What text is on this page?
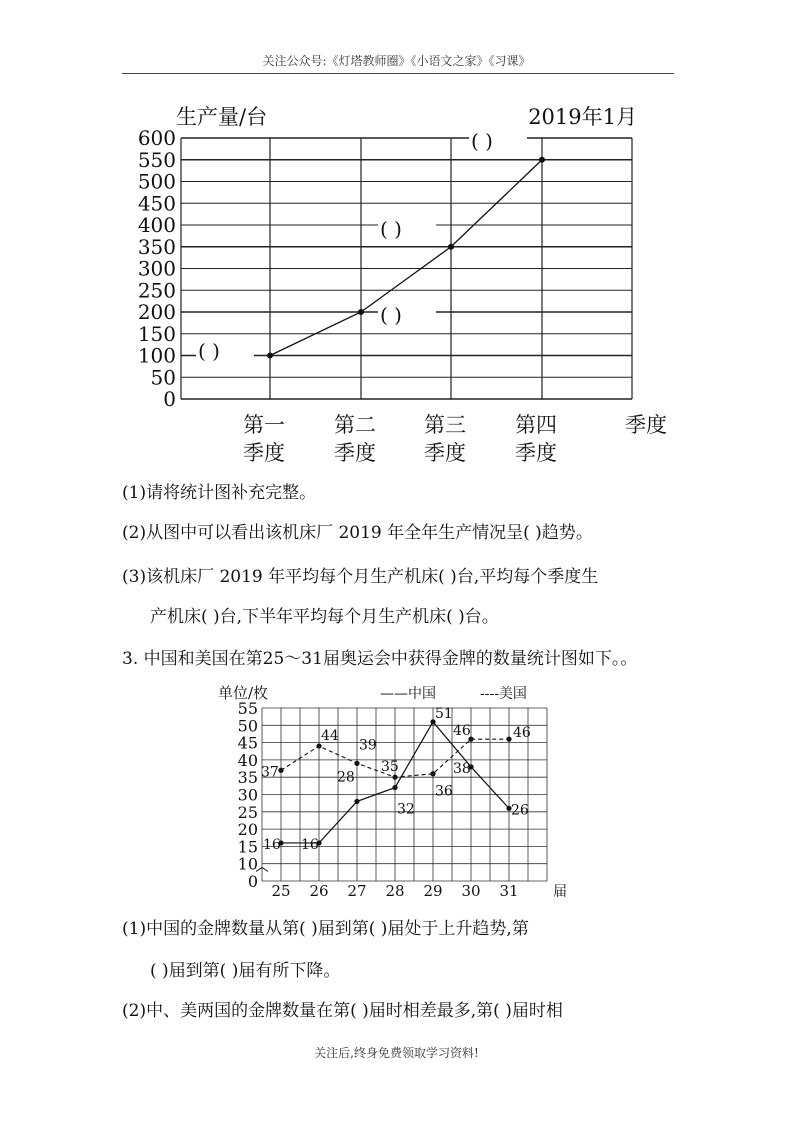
关注公众号:《灯塔教师圈》《小语文之家》《习课》
生产量/台	2019年1月
600
550
500
450
400
350
300
250
200
150
100
50
0
( )
( )
( )
( )
第一
季度
第二
季度
第三
季度
第四
季度
季度
(1)请将统计图补充完整。
(2)从图中可以看出该机床厂 2019 年全年生产情况呈( )趋势。
(3)该机床厂 2019 年平均每个月生产机床( )台,平均每个季度生
产机床( )台,下半年平均每个月生产机床( )台。
3. 中国和美国在第25～31届奥运会中获得金牌的数量统计图如下。。
单位/枚	——中国	----美国
55
50
45
40
35
30
25
20
15
10
0 25 26 27 28 29 30 31 届
16
37
16
44
28
39
32
35
51
36
38
46
26
46
(1)中国的金牌数量从第( )届到第( )届处于上升趋势,第
( )届到第( )届有所下降。
(2)中、美两国的金牌数量在第( )届时相差最多,第( )届时相
关注后,终身免费领取学习资料!
